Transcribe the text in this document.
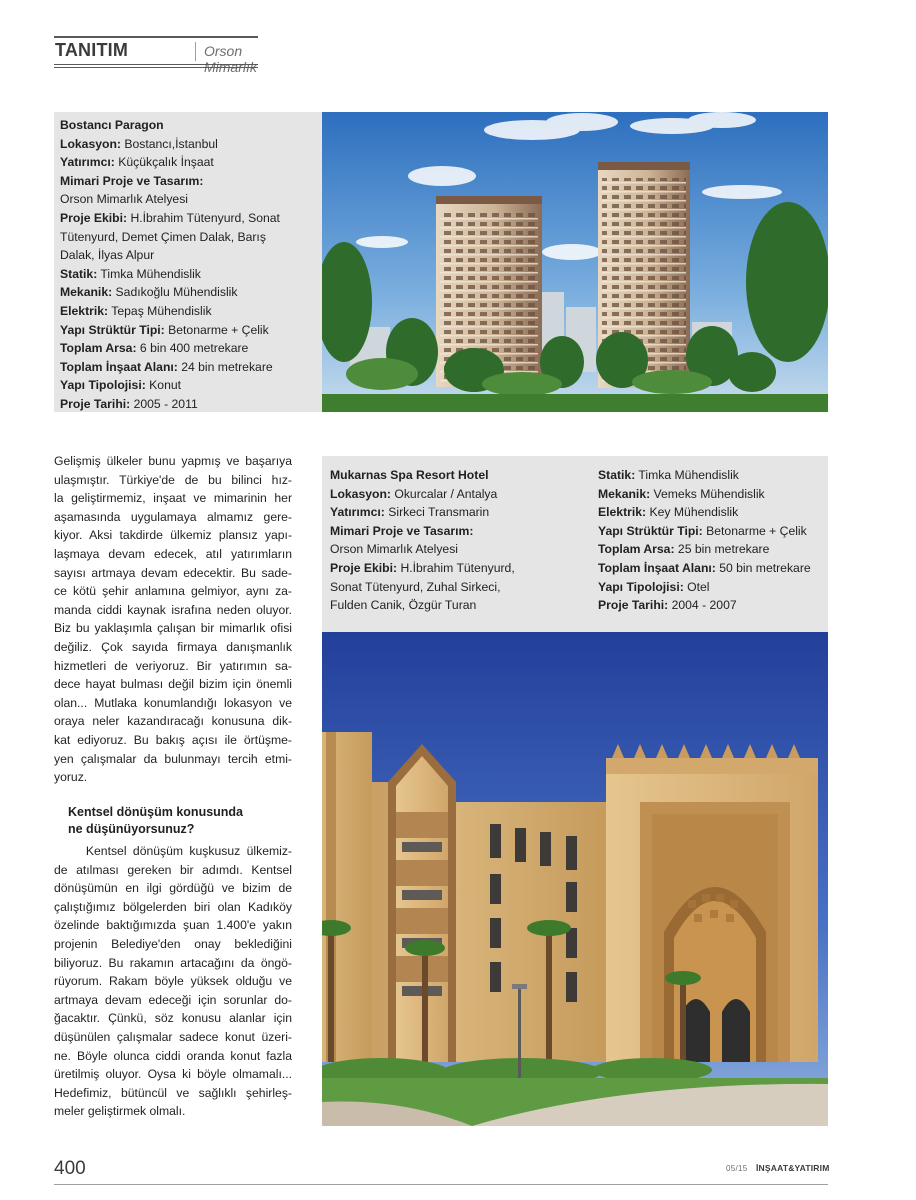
TANITIM	Orson Mimarlık
Bostancı Paragon
Lokasyon: Bostancı,İstanbul
Yatırımcı: Küçükçalık İnşaat
Mimari Proje ve Tasarım:
Orson Mimarlık Atelyesi
Proje Ekibi: H.İbrahim Tütenyurd, Sonat
Tütenyurd, Demet Çimen Dalak, Barış
Dalak, İlyas Alpur
Statik: Timka Mühendislik
Mekanik: Sadıkoğlu Mühendislik
Elektrik: Tepaş Mühendislik
Yapı Strüktür Tipi: Betonarme + Çelik
Toplam Arsa: 6 bin 400 metrekare
Toplam İnşaat Alanı: 24 bin metrekare
Yapı Tipolojisi: Konut
Proje Tarihi: 2005 - 2011
Gelişmiş ülkeler bunu yapmış ve başarıya
ulaşmıştır. Türkiye'de de bu bilinci hız-
la geliştirmemiz, inşaat ve mimarinin her
aşamasında uygulamaya almamız gere-
kiyor. Aksi takdirde ülkemiz plansız yapı-
laşmaya devam edecek, atıl yatırımların
sayısı artmaya devam edecektir. Bu sade-
ce kötü şehir anlamına gelmiyor, aynı za-
manda ciddi kaynak israfına neden oluyor.
Biz bu yaklaşımla çalışan bir mimarlık ofisi
değiliz. Çok sayıda firmaya danışmanlık
hizmetleri de veriyoruz. Bir yatırımın sa-
dece hayat bulması değil bizim için önemli
olan... Mutlaka konumlandığı lokasyon ve
oraya neler kazandıracağı konusuna dik-
kat ediyoruz. Bu bakış açısı ile örtüşme-
yen çalışmalar da bulunmayı tercih etmi-
yoruz.
Kentsel dönüşüm konusunda
ne düşünüyorsunuz?
Kentsel dönüşüm kuşkusuz ülkemiz-
de atılması gereken bir adımdı. Kentsel
dönüşümün en ilgi gördüğü ve bizim de
çalıştığımız bölgelerden biri olan Kadıköy
özelinde baktığımızda şuan 1.400'e yakın
projenin Belediye'den onay beklediğini
biliyoruz. Bu rakamın artacağını da öngö-
rüyorum. Rakam böyle yüksek olduğu ve
artmaya devam edeceği için sorunlar do-
ğacaktır. Çünkü, söz konusu alanlar için
düşünülen çalışmalar sadece konut üzeri-
ne. Böyle olunca ciddi oranda konut fazla
üretilmiş oluyor. Oysa ki böyle olmamalı...
Hedefimiz, bütüncül ve sağlıklı şehirleş-
meler geliştirmek olmalı.
Mukarnas Spa Resort Hotel
Lokasyon: Okurcalar / Antalya
Yatırımcı: Sirkeci Transmarin
Mimari Proje ve Tasarım:
Orson Mimarlık Atelyesi
Proje Ekibi: H.İbrahim Tütenyurd,
Sonat Tütenyurd, Zuhal Sirkeci,
Fulden Canik, Özgür Turan
Statik: Timka Mühendislik
Mekanik: Vemeks Mühendislik
Elektrik: Key Mühendislik
Yapı Strüktür Tipi: Betonarme + Çelik
Toplam Arsa: 25 bin metrekare
Toplam İnşaat Alanı: 50 bin metrekare
Yapı Tipolojisi: Otel
Proje Tarihi: 2004 - 2007
400	05/15 İNŞAAT&YATIRIM
